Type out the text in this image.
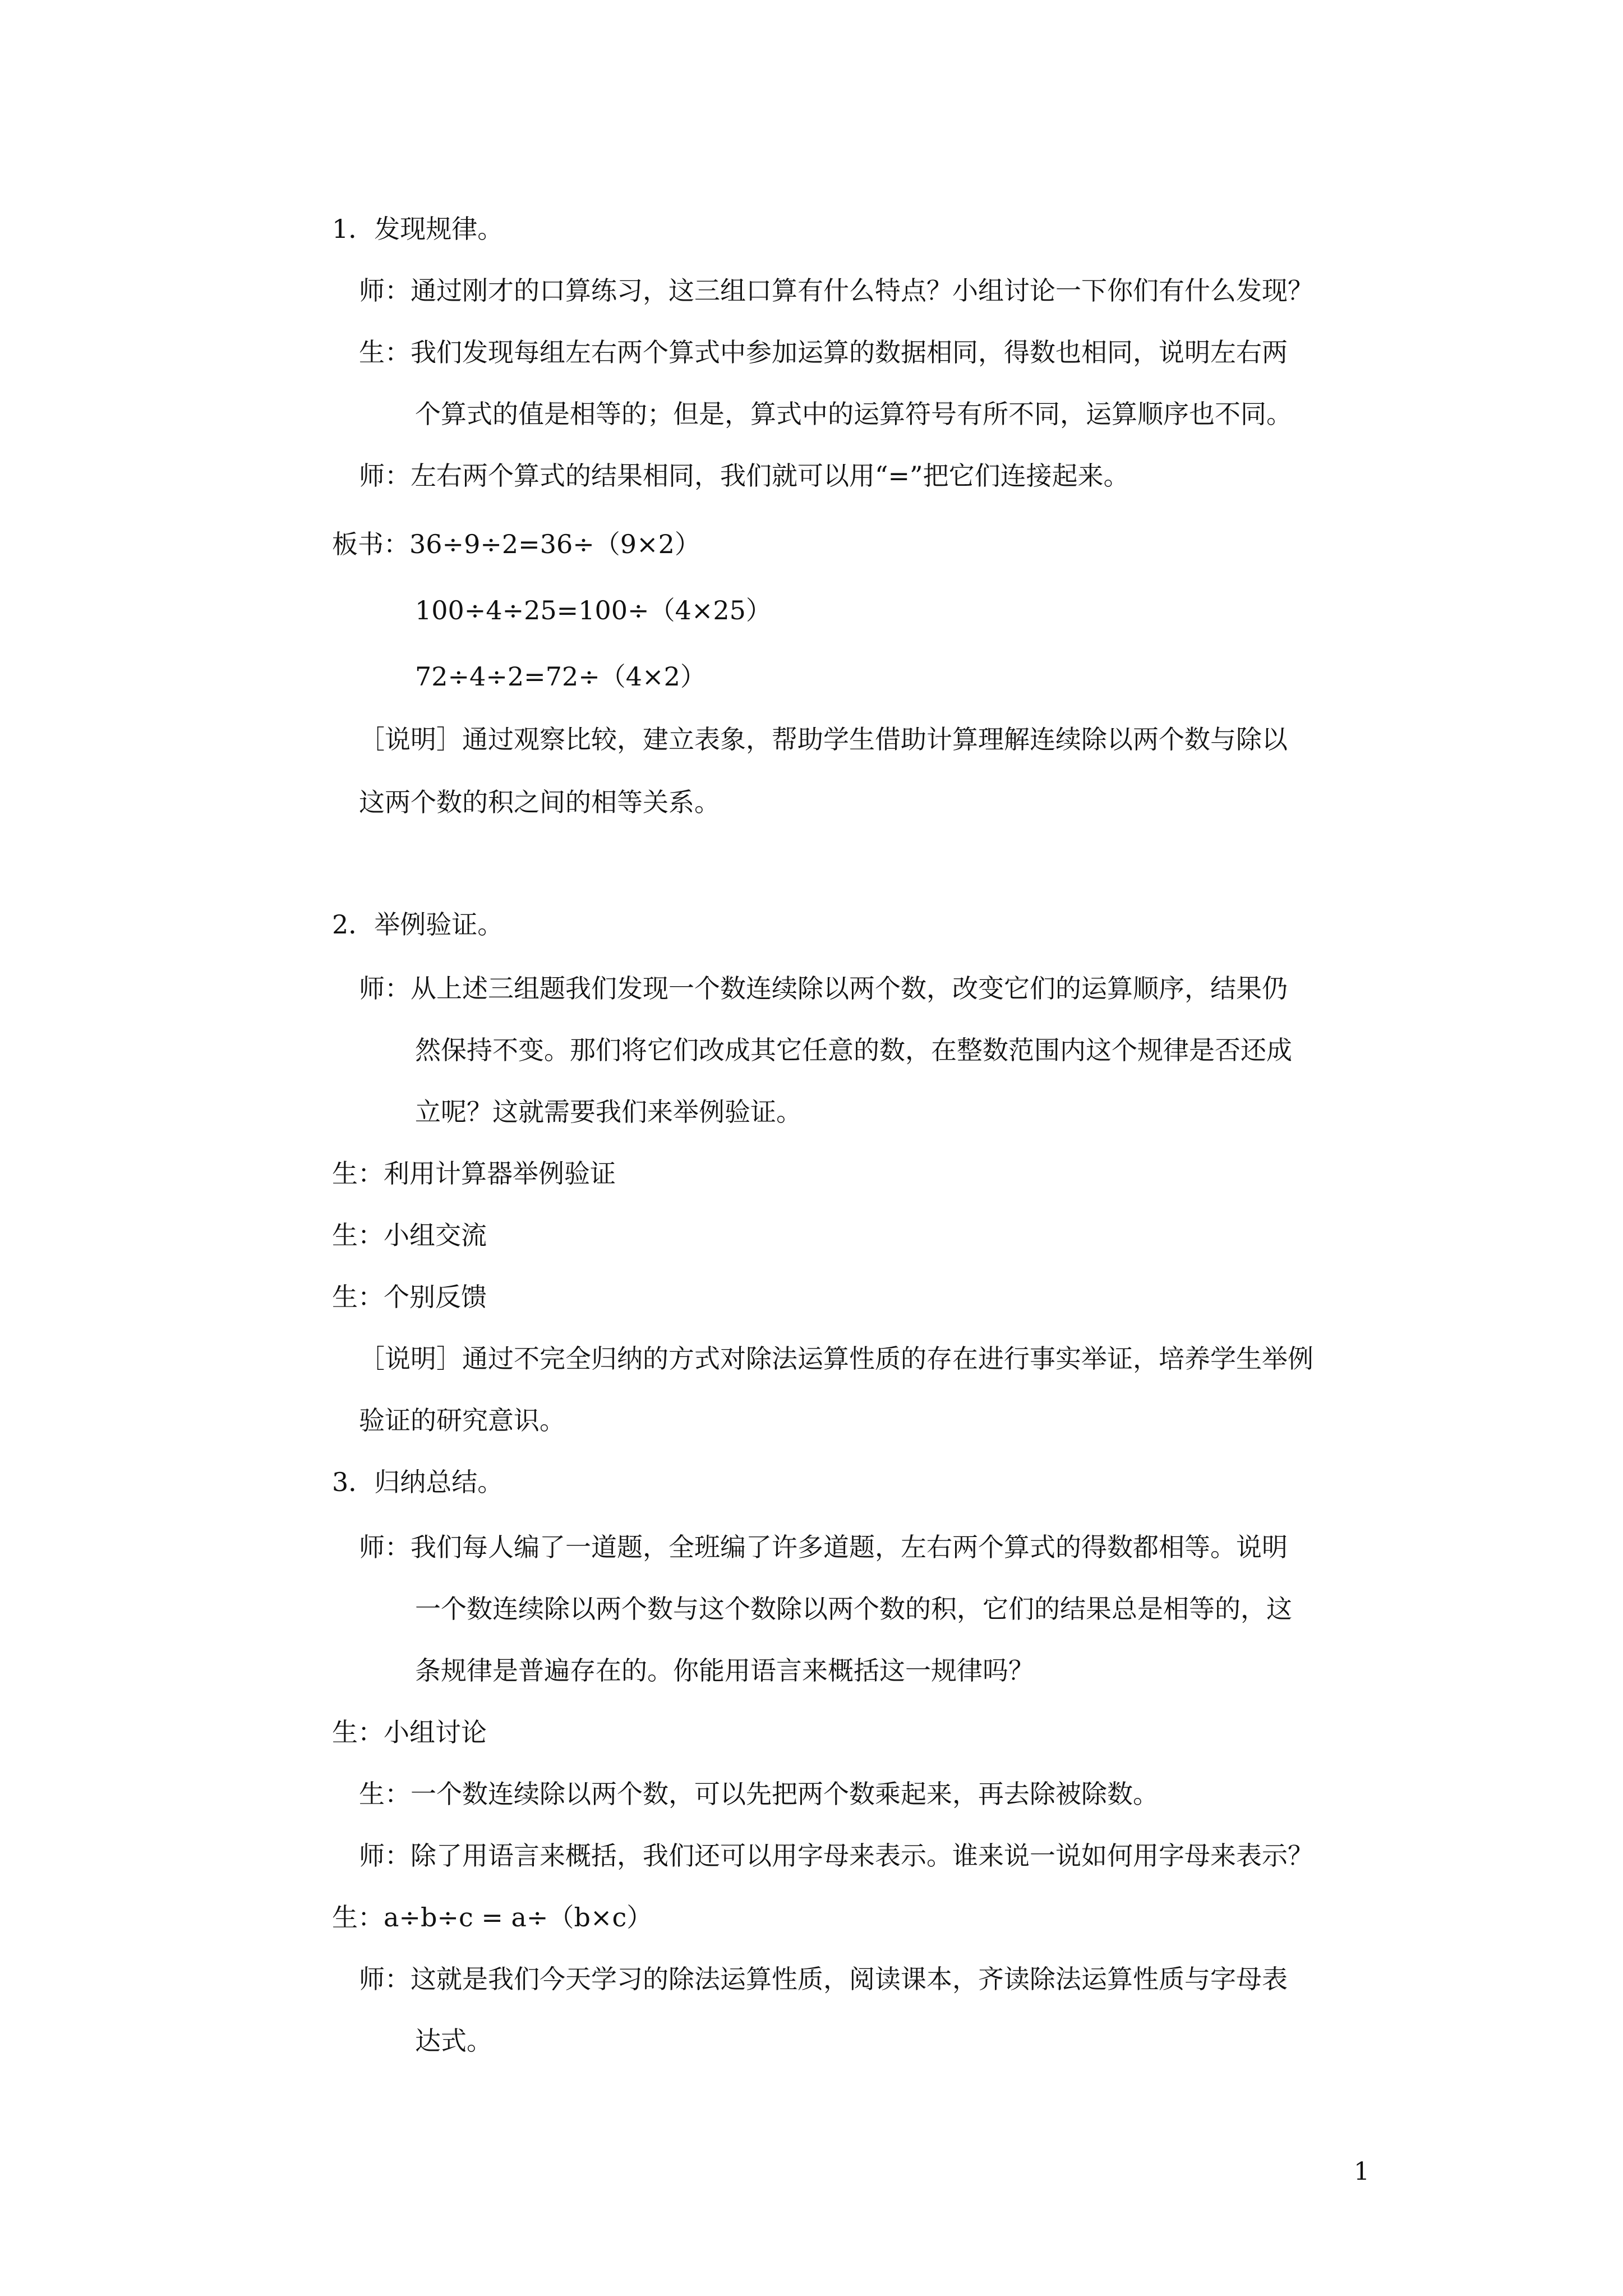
1．发现规律。
师：通过刚才的口算练习，这三组口算有什么特点？小组讨论一下你们有什么发现？
生：我们发现每组左右两个算式中参加运算的数据相同，得数也相同，说明左右两
个算式的值是相等的；但是，算式中的运算符号有所不同，运算顺序也不同。
师：左右两个算式的结果相同，我们就可以用“=”把它们连接起来。
板书：36÷9÷2=36÷（9×2）
100÷4÷25=100÷（4×25）
72÷4÷2=72÷（4×2）
［说明］通过观察比较，建立表象，帮助学生借助计算理解连续除以两个数与除以
这两个数的积之间的相等关系。
2．举例验证。
师：从上述三组题我们发现一个数连续除以两个数，改变它们的运算顺序，结果仍
然保持不变。那们将它们改成其它任意的数，在整数范围内这个规律是否还成
立呢？这就需要我们来举例验证。
生：利用计算器举例验证
生：小组交流
生：个别反馈
［说明］通过不完全归纳的方式对除法运算性质的存在进行事实举证，培养学生举例
验证的研究意识。
3．归纳总结。
师：我们每人编了一道题，全班编了许多道题，左右两个算式的得数都相等。说明
一个数连续除以两个数与这个数除以两个数的积，它们的结果总是相等的，这
条规律是普遍存在的。你能用语言来概括这一规律吗？
生：小组讨论
生：一个数连续除以两个数，可以先把两个数乘起来，再去除被除数。
师：除了用语言来概括，我们还可以用字母来表示。谁来说一说如何用字母来表示？
生：a÷b÷c = a÷（b×c）
师：这就是我们今天学习的除法运算性质，阅读课本，齐读除法运算性质与字母表
达式。
1
